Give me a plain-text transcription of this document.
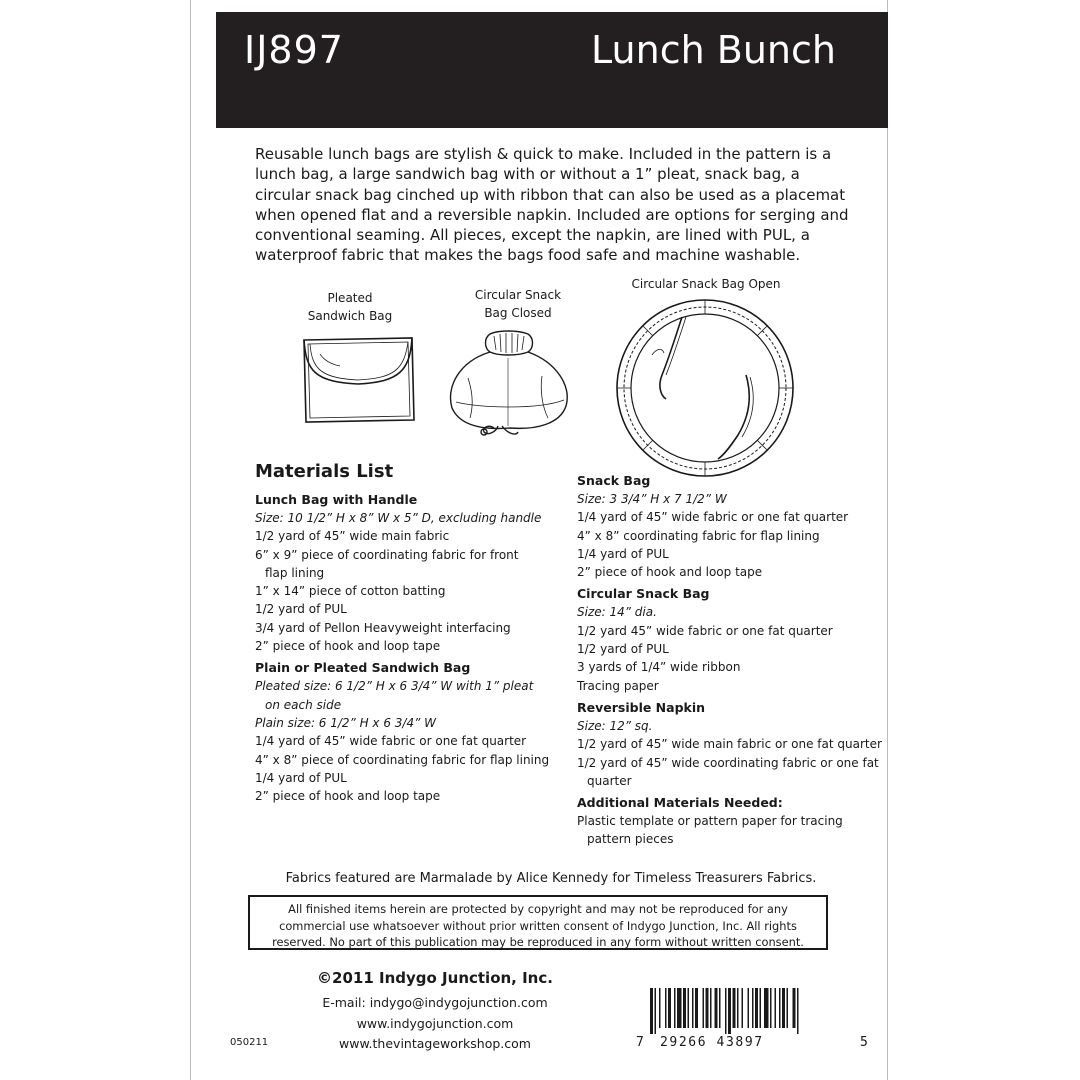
IJ897	Lunch Bunch

Reusable lunch bags are stylish & quick to make. Included in the pattern is a lunch bag, a large sandwich bag with or without a 1” pleat, snack bag, a circular snack bag cinched up with ribbon that can also be used as a placemat when opened flat and a reversible napkin. Included are options for serging and conventional seaming. All pieces, except the napkin, are lined with PUL, a waterproof fabric that makes the bags food safe and machine washable.

Pleated
Sandwich Bag
Circular Snack
Bag Closed
Circular Snack Bag Open
Materials List
Lunch Bag with Handle

Size: 10 1/2” H x 8” W x 5” D, excluding handle

1/2 yard of 45” wide main fabric

6” x 9” piece of coordinating fabric for front

flap lining

1” x 14” piece of cotton batting

1/2 yard of PUL

3/4 yard of Pellon Heavyweight interfacing

2” piece of hook and loop tape

Plain or Pleated Sandwich Bag

Pleated size: 6 1/2” H x 6 3/4” W with 1” pleat

on each side

Plain size: 6 1/2” H x 6 3/4” W

1/4 yard of 45” wide fabric or one fat quarter

4” x 8” piece of coordinating fabric for flap lining

1/4 yard of PUL

2” piece of hook and loop tape

Snack Bag

Size: 3 3/4” H x 7 1/2” W

1/4 yard of 45” wide fabric or one fat quarter

4” x 8” coordinating fabric for flap lining

1/4 yard of PUL

2” piece of hook and loop tape

Circular Snack Bag

Size: 14” dia.

1/2 yard 45” wide fabric or one fat quarter

1/2 yard of PUL

3 yards of 1/4” wide ribbon

Tracing paper

Reversible Napkin

Size: 12” sq.

1/2 yard of 45” wide main fabric or one fat quarter

1/2 yard of 45” wide coordinating fabric or one fat

quarter

Additional Materials Needed:

Plastic template or pattern paper for tracing

pattern pieces

Fabrics featured are Marmalade by Alice Kennedy for Timeless Treasurers Fabrics.
All finished items herein are protected by copyright and may not be reproduced for any commercial use whatsoever without prior written consent of Indygo Junction, Inc. All rights reserved. No part of this publication may be reproduced in any form without written consent.
©2011 Indygo Junction, Inc.
E-mail: indygo@indygojunction.com
www.indygojunction.com
www.thevintageworkshop.com
050211	7 29266 43897	5
